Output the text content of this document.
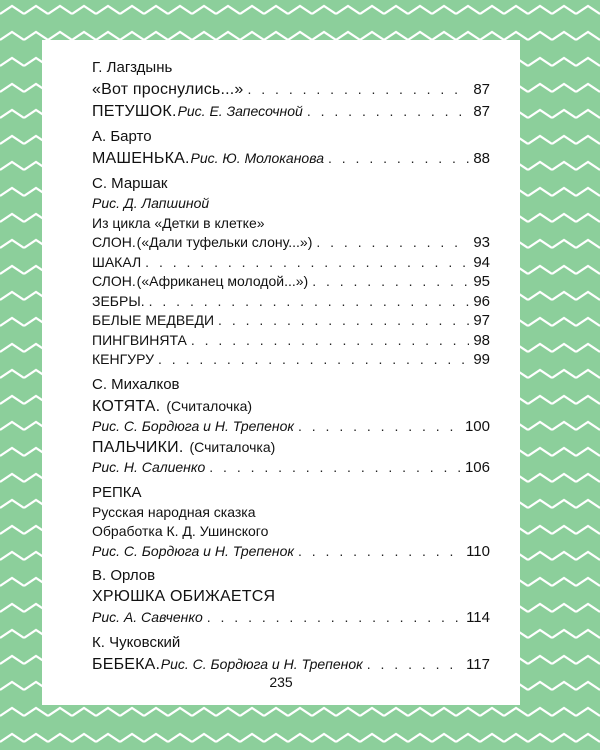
Г. Лагздынь
«Вот проснулись...» . . .	87
ПЕТУШОК. Рис. Е. Запесочной . . .	87
А. Барто
МАШЕНЬКА. Рис. Ю. Молоканова . . .	88
С. Маршак
Рис. Д. Лапшиной
Из цикла «Детки в клетке»
СЛОН. («Дали туфельки слону...») . . .	93
ШАКАЛ . . .	94
СЛОН. («Африканец молодой...») . . .	95
ЗЕБРЫ. . . .	96
БЕЛЫЕ МЕДВЕДИ . . .	97
ПИНГВИНЯТА . . .	98
КЕНГУРУ . . .	99
С. Михалков
КОТЯТА. (Считалочка)
Рис. С. Бордюга и Н. Трепенок . . .	100
ПАЛЬЧИКИ. (Считалочка)
Рис. Н. Салиенко . . .	106
РЕПКА
Русская народная сказка
Обработка К. Д. Ушинского
Рис. С. Бордюга и Н. Трепенок . . .	110
В. Орлов
ХРЮШКА ОБИЖАЕТСЯ
Рис. А. Савченко . . .	114
К. Чуковский
БЕБЕКА. Рис. С. Бордюга и Н. Трепенок . . .	117
235
